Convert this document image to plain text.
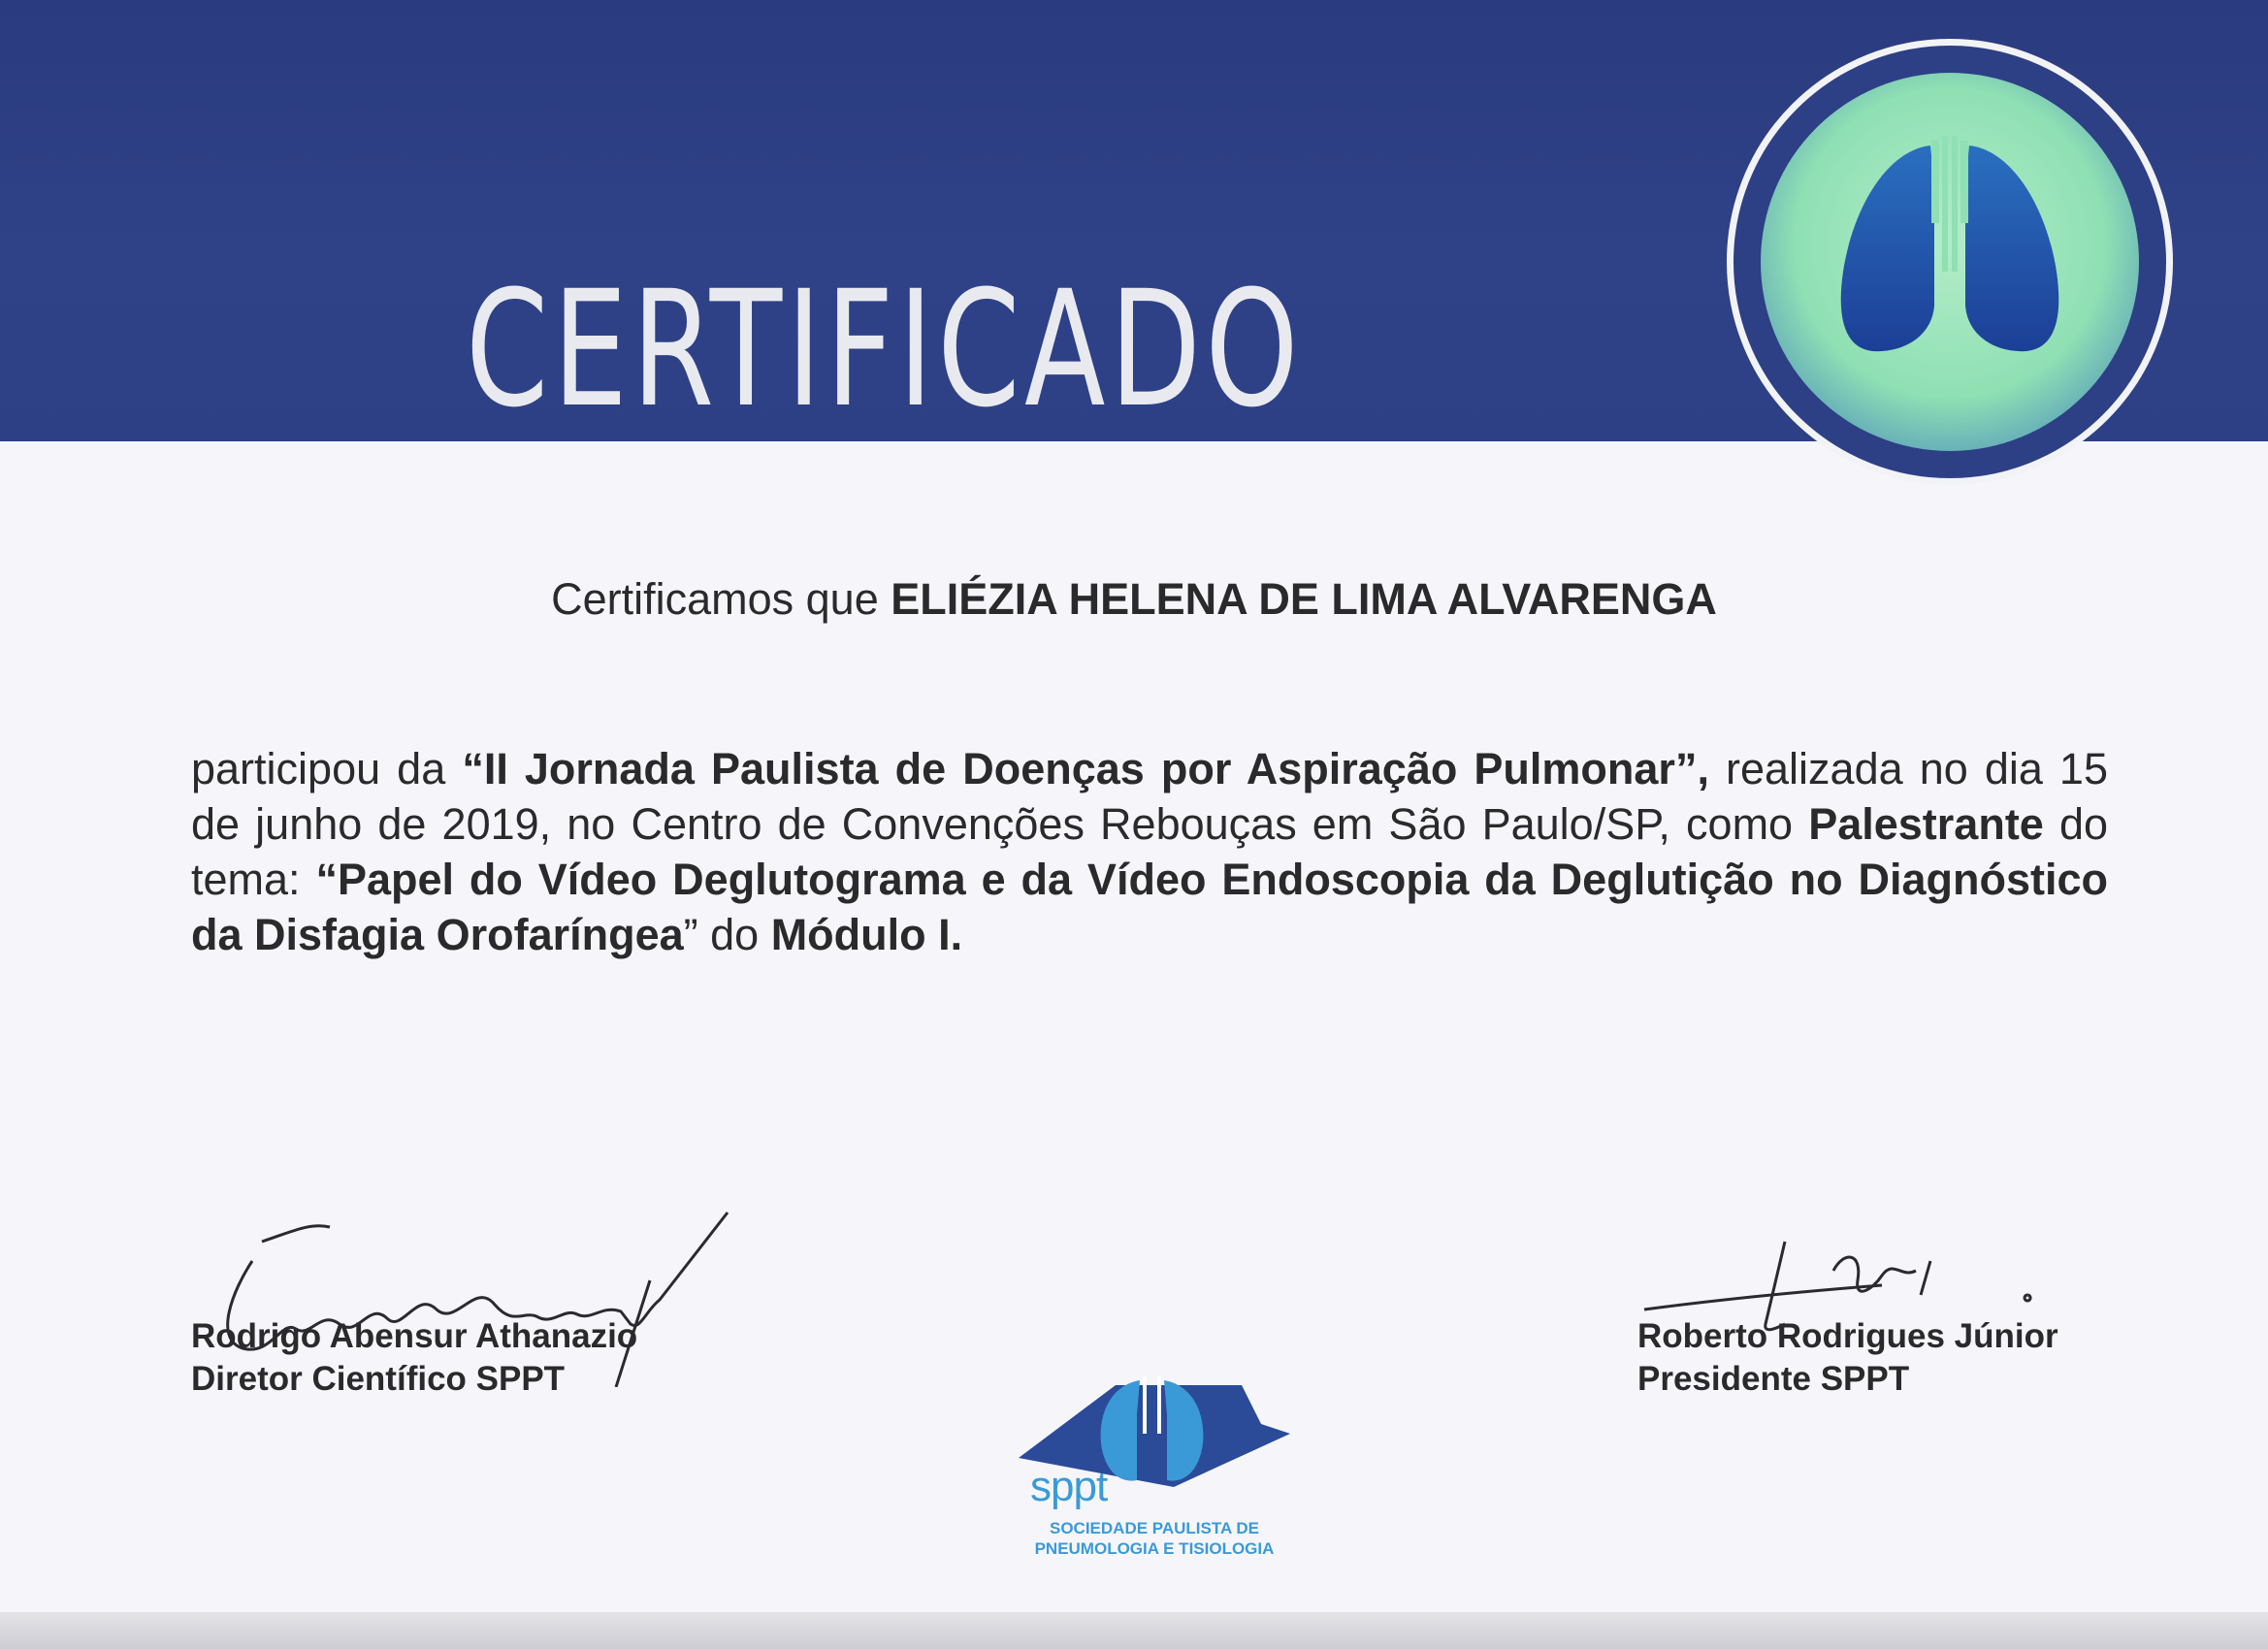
CERTIFICADO
Certificamos que ELIÉZIA HELENA DE LIMA ALVARENGA
participou da “II Jornada Paulista de Doenças por Aspiração Pulmonar”, realizada no dia 15 de junho de 2019, no Centro de Convenções Rebouças em São Paulo/SP, como Palestrante do tema: “Papel do Vídeo Deglutograma e da Vídeo Endoscopia da Deglutição no Diagnóstico da Disfagia Orofaríngea” do Módulo I.
Rodrigo Abensur Athanazio
Diretor Científico SPPT
Roberto Rodrigues Júnior
Presidente SPPT
sppt
SOCIEDADE PAULISTA DE
PNEUMOLOGIA E TISIOLOGIA
